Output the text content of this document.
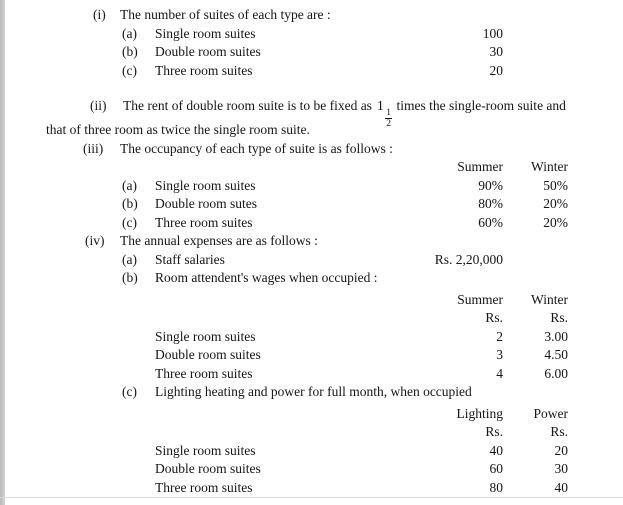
(i) The number of suites of each type are :
(a) Single room suites	100
(b) Double room suites	30
(c) Three room suites	20
(ii) The rent of double room suite is to be fixed as 1
$\frac{1}{2}$
times the single-room suite and
that of three room as twice the single room suite.
(iii) The occupancy of each type of suite is as follows :
Summer	Winter
(a) Single room suites	90%	50%
(b) Double room sutes	80%	20%
(c) Three room suites	60%	20%
(iv) The annual expenses are as follows :
(a) Staff salaries	Rs. 2,20,000
(b) Room attendent's wages when occupied :
Summer	Winter
Rs.	Rs.
Single room suites	2	3.00
Double room suites	3	4.50
Three room suites	4	6.00
(c) Lighting heating and power for full month, when occupied
Lighting	Power
Rs.	Rs.
Single room suites	40	20
Double room suites	60	30
Three room suites	80	40
